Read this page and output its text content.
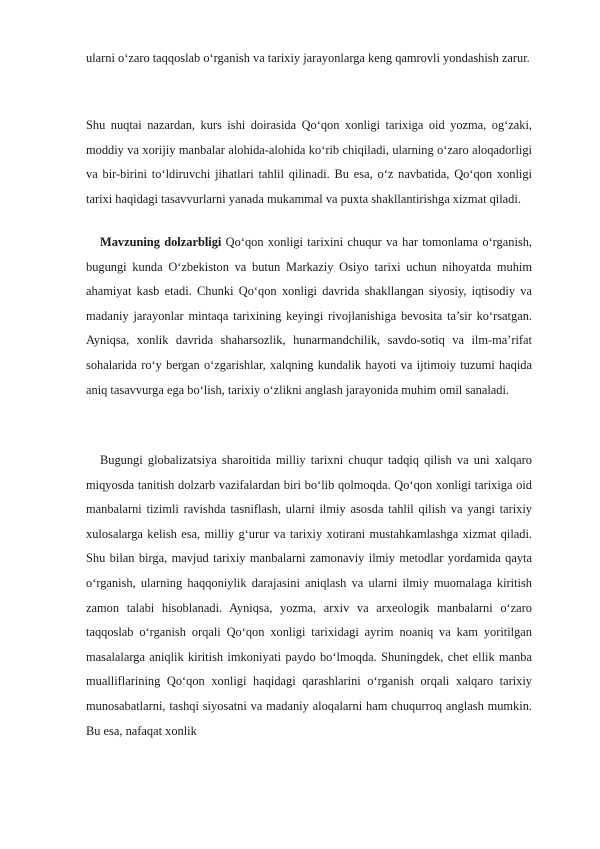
ularni o‘zaro taqqoslab o‘rganish va tarixiy jarayonlarga keng qamrovli yondashish zarur.

Shu nuqtai nazardan, kurs ishi doirasida Qo‘qon xonligi tarixiga oid yozma, og‘zaki, moddiy va xorijiy manbalar alohida-alohida ko‘rib chiqiladi, ularning o‘zaro aloqadorligi va bir-birini to‘ldiruvchi jihatlari tahlil qilinadi. Bu esa, o‘z navbatida, Qo‘qon xonligi tarixi haqidagi tasavvurlarni yanada mukammal va puxta shakllantirishga xizmat qiladi.

Mavzuning dolzarbligi Qo‘qon xonligi tarixini chuqur va har tomonlama o‘rganish, bugungi kunda O‘zbekiston va butun Markaziy Osiyo tarixi uchun nihoyatda muhim ahamiyat kasb etadi. Chunki Qo‘qon xonligi davrida shakllangan siyosiy, iqtisodiy va madaniy jarayonlar mintaqa tarixining keyingi rivojlanishiga bevosita ta’sir ko‘rsatgan. Ayniqsa, xonlik davrida shaharsozlik, hunarmandchilik, savdo-sotiq va ilm-ma’rifat sohalarida ro‘y bergan o‘zgarishlar, xalqning kundalik hayoti va ijtimoiy tuzumi haqida aniq tasavvurga ega bo‘lish, tarixiy o‘zlikni anglash jarayonida muhim omil sanaladi.

Bugungi globalizatsiya sharoitida milliy tarixni chuqur tadqiq qilish va uni xalqaro miqyosda tanitish dolzarb vazifalardan biri bo‘lib qolmoqda. Qo‘qon xonligi tarixiga oid manbalarni tizimli ravishda tasniflash, ularni ilmiy asosda tahlil qilish va yangi tarixiy xulosalarga kelish esa, milliy g‘urur va tarixiy xotirani mustahkamlashga xizmat qiladi. Shu bilan birga, mavjud tarixiy manbalarni zamonaviy ilmiy metodlar yordamida qayta o‘rganish, ularning haqqoniylik darajasini aniqlash va ularni ilmiy muomalaga kiritish zamon talabi hisoblanadi. Ayniqsa, yozma, arxiv va arxeologik manbalarni o‘zaro taqqoslab o‘rganish orqali Qo‘qon xonligi tarixidagi ayrim noaniq va kam yoritilgan masalalarga aniqlik kiritish imkoniyati paydo bo‘lmoqda. Shuningdek, chet ellik manba mualliflarining Qo‘qon xonligi haqidagi qarashlarini o‘rganish orqali xalqaro tarixiy munosabatlarni, tashqi siyosatni va madaniy aloqalarni ham chuqurroq anglash mumkin. Bu esa, nafaqat xonlik
